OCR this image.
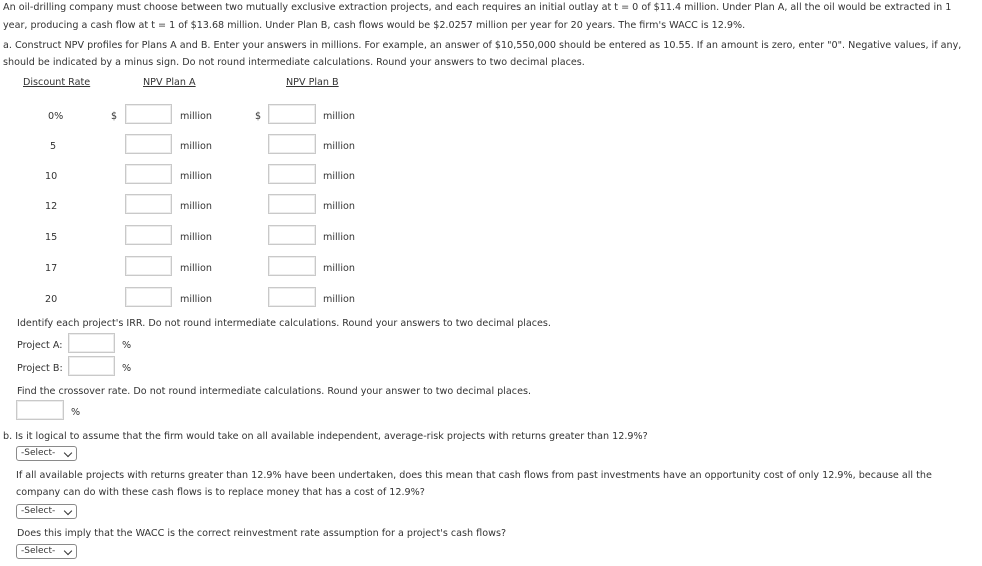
An oil-drilling company must choose between two mutually exclusive extraction projects, and each requires an initial outlay at t = 0 of $11.4 million. Under Plan A, all the oil would be extracted in 1 year, producing a cash flow at t = 1 of $13.68 million. Under Plan B, cash flows would be $2.0257 million per year for 20 years. The firm's WACC is 12.9%.
a. Construct NPV profiles for Plans A and B. Enter your answers in millions. For example, an answer of $10,550,000 should be entered as 10.55. If an amount is zero, enter "0". Negative values, if any, should be indicated by a minus sign. Do not round intermediate calculations. Round your answers to two decimal places.
Discount Rate	NPV Plan A	NPV Plan B
0%	$	million	$	million
5	million	million
10	million	million
12	million	million
15	million	million
17	million	million
20	million	million
Identify each project's IRR. Do not round intermediate calculations. Round your answers to two decimal places.
Project A:	%
Project B:	%
Find the crossover rate. Do not round intermediate calculations. Round your answer to two decimal places.
%
b. Is it logical to assume that the firm would take on all available independent, average-risk projects with returns greater than 12.9%?
-Select-
If all available projects with returns greater than 12.9% have been undertaken, does this mean that cash flows from past investments have an opportunity cost of only 12.9%, because all the company can do with these cash flows is to replace money that has a cost of 12.9%?
-Select-
Does this imply that the WACC is the correct reinvestment rate assumption for a project's cash flows?
-Select-
